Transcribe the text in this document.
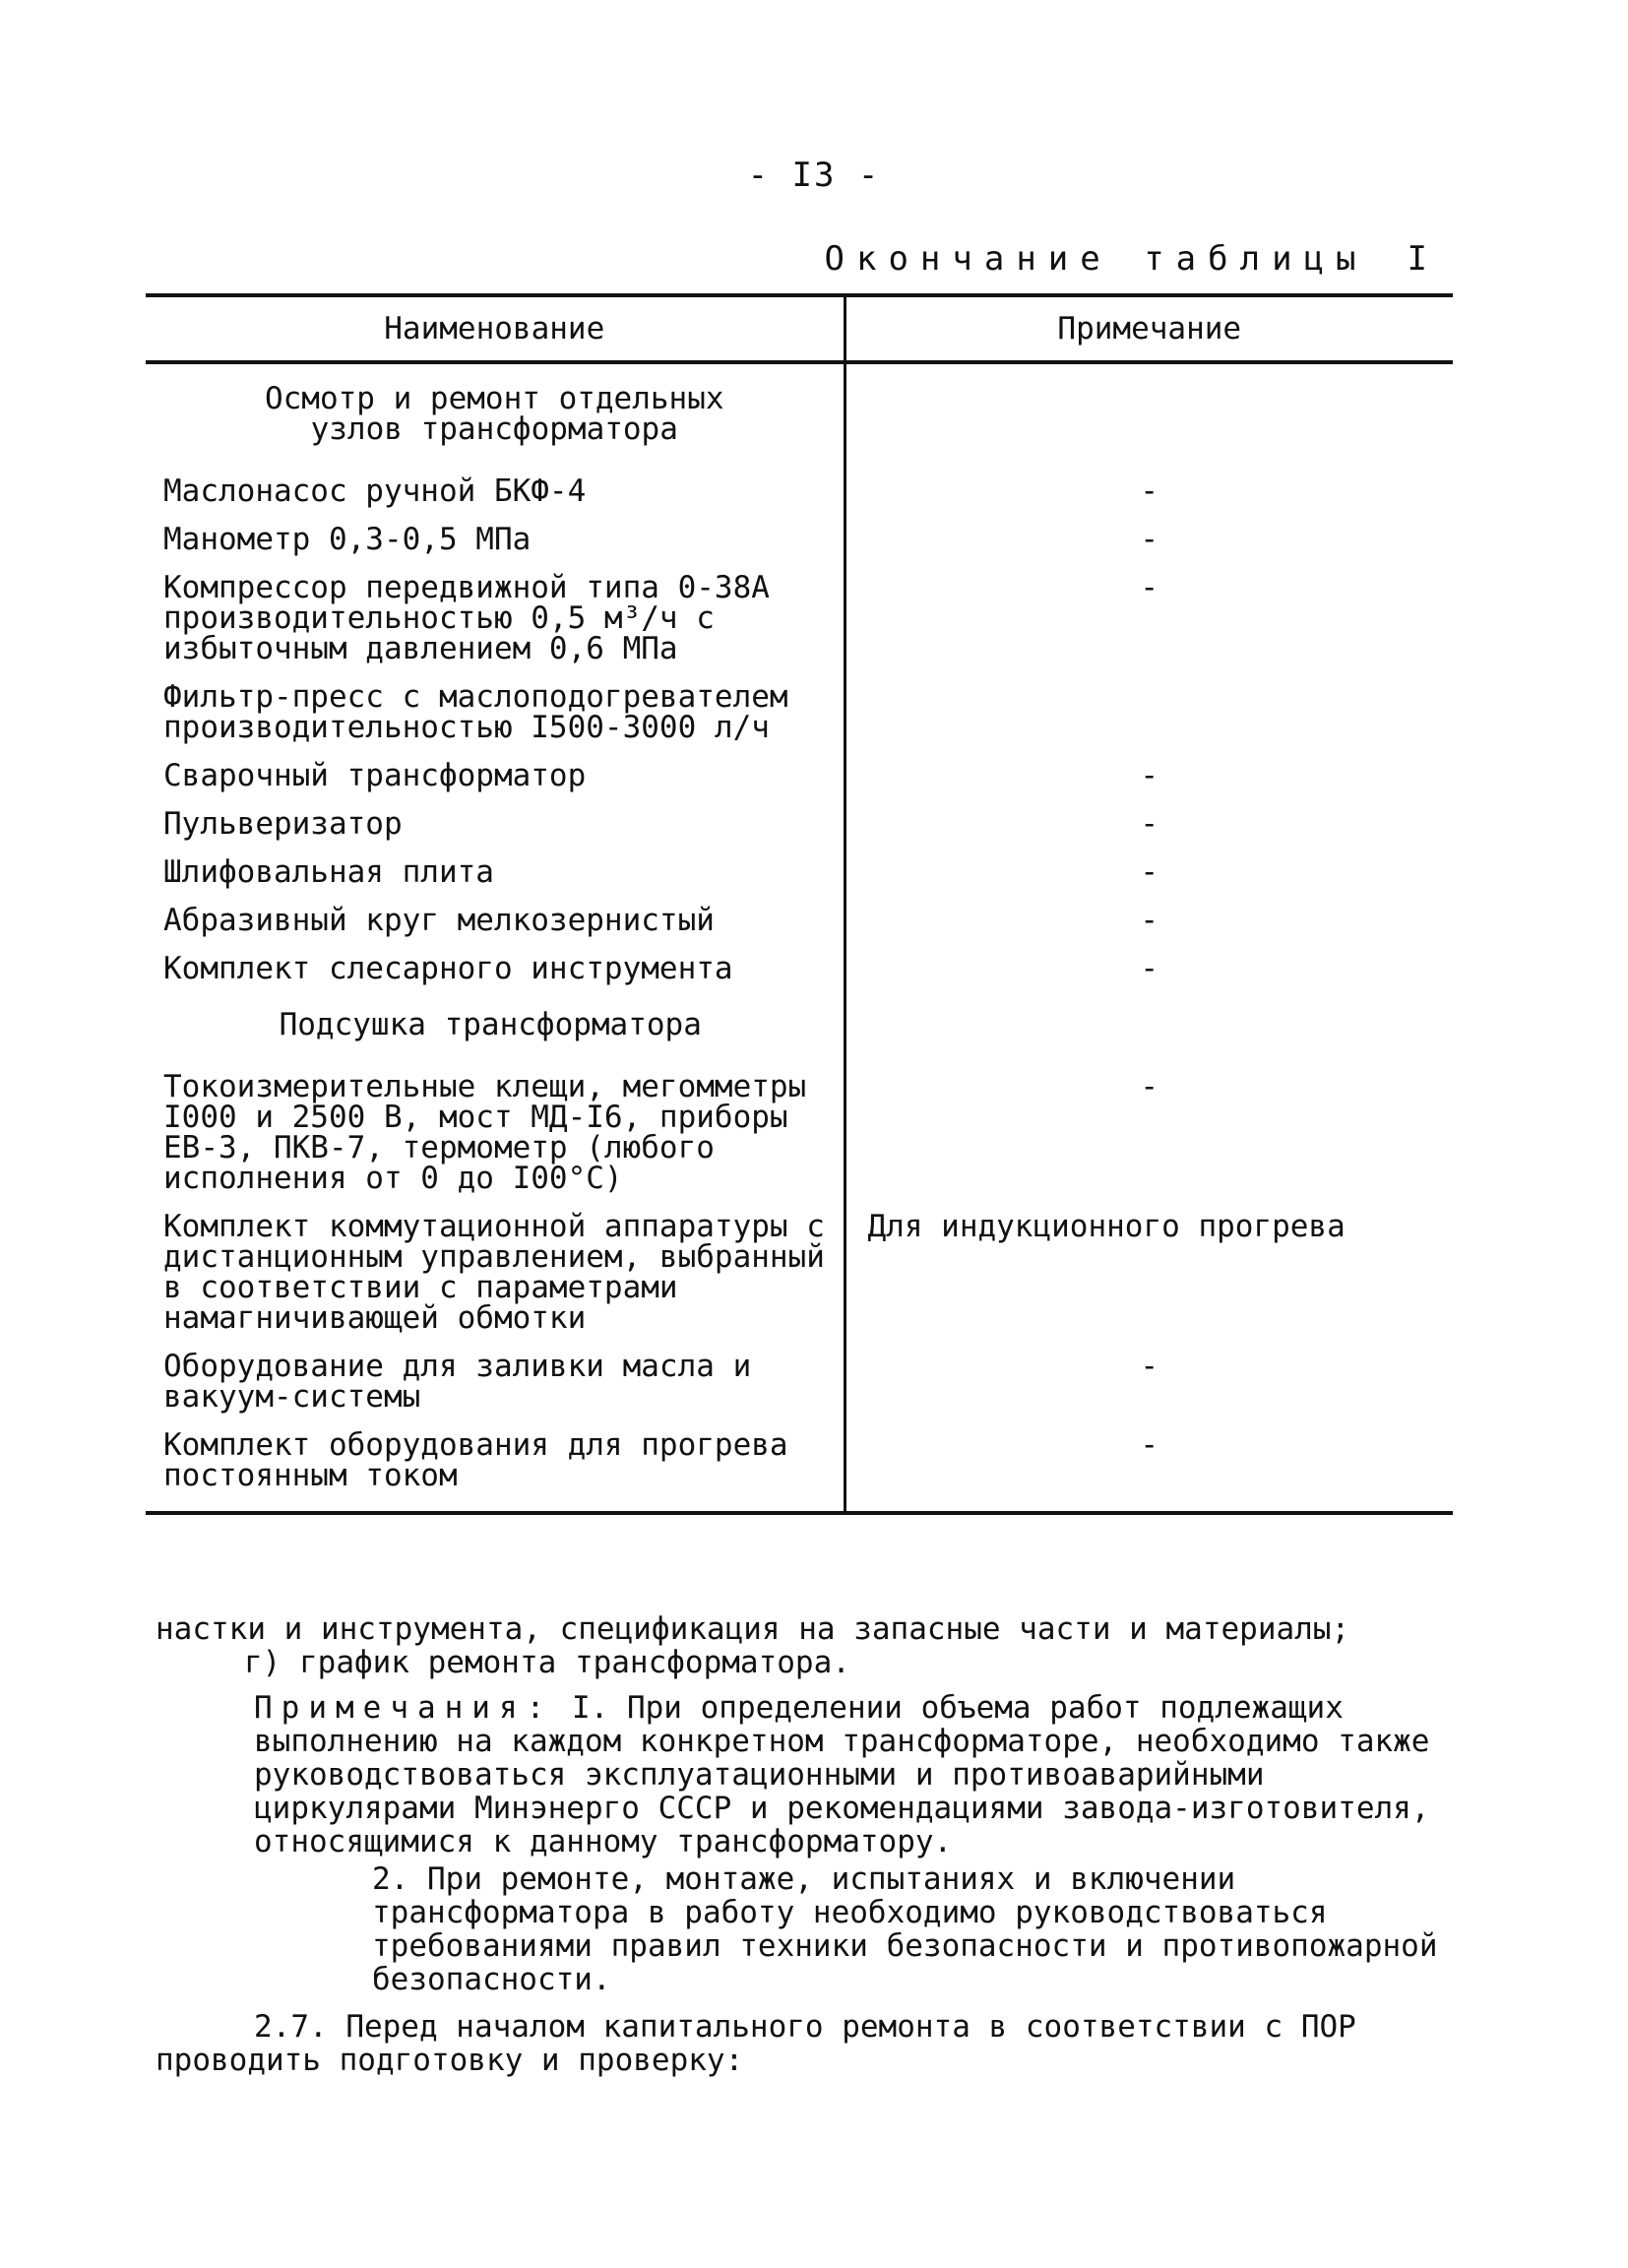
- I3 -
Окончание таблицы I
Наименование	Примечание
Осмотр и ремонт отдельных узлов трансформатора	
Маслонасос ручной БКФ-4	-
Манометр 0,3-0,5 МПа	-
Компрессор передвижной типа 0-38А производительностью 0,5 м³/ч с избыточным давлением 0,6 МПа	-
Фильтр-пресс с маслоподогревателем производительностью I500-3000 л/ч	
Сварочный трансформатор	-
Пульверизатор	-
Шлифовальная плита	-
Абразивный круг мелкозернистый	-
Комплект слесарного инструмента	-
Подсушка трансформатора	
Токоизмерительные клещи, мегомметры I000 и 2500 В, мост МД-I6, приборы ЕВ-3, ПКВ-7, термометр (любого исполнения от 0 до I00°С)	-
Комплект коммутационной аппаратуры с дистанционным управлением, выбранный в соответствии с параметрами намагничивающей обмотки	Для индукционного прогрева
Оборудование для заливки масла и вакуум-системы	-
Комплект оборудования для прогрева постоянным током	-

настки и инструмента, спецификация на запасные части и материалы;

г) график ремонта трансформатора.

Примечания: I. При определении объема работ подлежащих выполнению на каждом конкретном трансформаторе, необходимо также руководствоваться эксплуатационными и противоаварийными циркулярами Минэнерго СССР и рекомендациями завода-изготовителя, относящимися к данному трансформатору.

2. При ремонте, монтаже, испытаниях и включении трансформатора в работу необходимо руководствоваться требованиями правил техники безопасности и противопожарной безопасности.

2.7. Перед началом капитального ремонта в соответствии с ПОР проводить подготовку и проверку:
